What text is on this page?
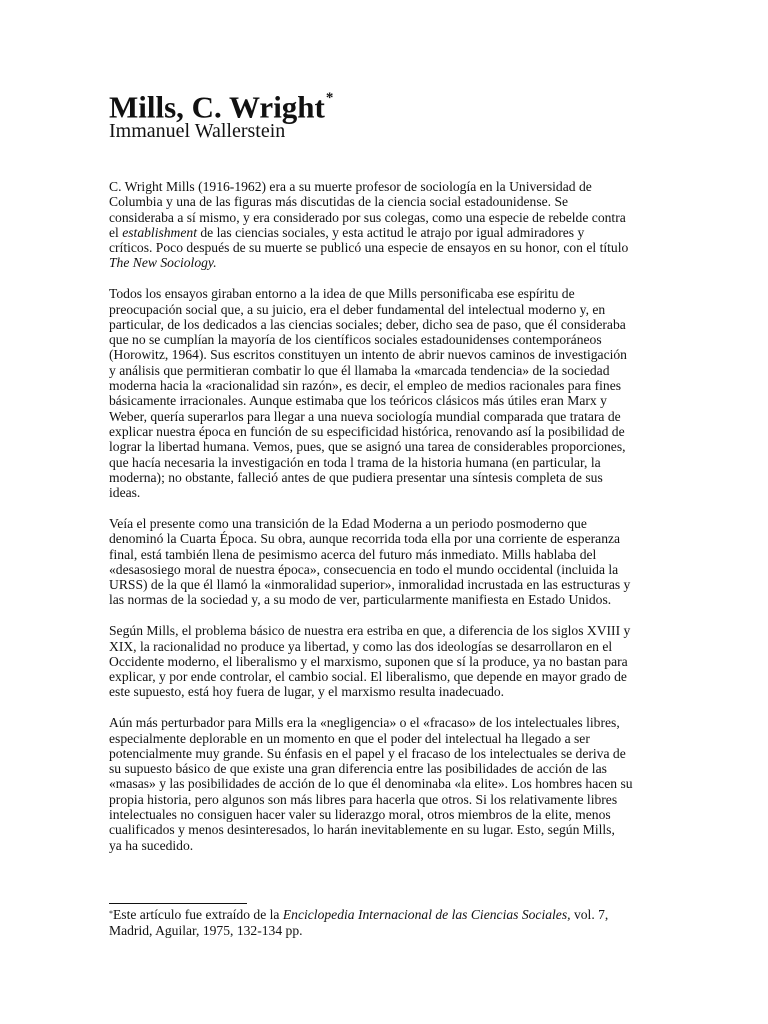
Mills, C. Wright*
Immanuel Wallerstein

C. Wright Mills (1916-1962) era a su muerte profesor de sociología en la Universidad de
Columbia y una de las figuras más discutidas de la ciencia social estadounidense. Se
consideraba a sí mismo, y era considerado por sus colegas, como una especie de rebelde contra
el establishment de las ciencias sociales, y esta actitud le atrajo por igual admiradores y
críticos. Poco después de su muerte se publicó una especie de ensayos en su honor, con el título
The New Sociology.

Todos los ensayos giraban entorno a la idea de que Mills personificaba ese espíritu de
preocupación social que, a su juicio, era el deber fundamental del intelectual moderno y, en
particular, de los dedicados a las ciencias sociales; deber, dicho sea de paso, que él consideraba
que no se cumplían la mayoría de los científicos sociales estadounidenses contemporáneos
(Horowitz, 1964). Sus escritos constituyen un intento de abrir nuevos caminos de investigación
y análisis que permitieran combatir lo que él llamaba la «marcada tendencia» de la sociedad
moderna hacia la «racionalidad sin razón», es decir, el empleo de medios racionales para fines
básicamente irracionales. Aunque estimaba que los teóricos clásicos más útiles eran Marx y
Weber, quería superarlos para llegar a una nueva sociología mundial comparada que tratara de
explicar nuestra época en función de su especificidad histórica, renovando así la posibilidad de
lograr la libertad humana. Vemos, pues, que se asignó una tarea de considerables proporciones,
que hacía necesaria la investigación en toda l trama de la historia humana (en particular, la
moderna); no obstante, falleció antes de que pudiera presentar una síntesis completa de sus
ideas.

Veía el presente como una transición de la Edad Moderna a un periodo posmoderno que
denominó la Cuarta Época. Su obra, aunque recorrida toda ella por una corriente de esperanza
final, está también llena de pesimismo acerca del futuro más inmediato. Mills hablaba del
«desasosiego moral de nuestra época», consecuencia en todo el mundo occidental (incluida la
URSS) de la que él llamó la «inmoralidad superior», inmoralidad incrustada en las estructuras y
las normas de la sociedad y, a su modo de ver, particularmente manifiesta en Estado Unidos.

Según Mills, el problema básico de nuestra era estriba en que, a diferencia de los siglos XVIII y
XIX, la racionalidad no produce ya libertad, y como las dos ideologías se desarrollaron en el
Occidente moderno, el liberalismo y el marxismo, suponen que sí la produce, ya no bastan para
explicar, y por ende controlar, el cambio social. El liberalismo, que depende en mayor grado de
este supuesto, está hoy fuera de lugar, y el marxismo resulta inadecuado.

Aún más perturbador para Mills era la «negligencia» o el «fracaso» de los intelectuales libres,
especialmente deplorable en un momento en que el poder del intelectual ha llegado a ser
potencialmente muy grande. Su énfasis en el papel y el fracaso de los intelectuales se deriva de
su supuesto básico de que existe una gran diferencia entre las posibilidades de acción de las
«masas» y las posibilidades de acción de lo que él denominaba «la elite». Los hombres hacen su
propia historia, pero algunos son más libres para hacerla que otros. Si los relativamente libres
intelectuales no consiguen hacer valer su liderazgo moral, otros miembros de la elite, menos
cualificados y menos desinteresados, lo harán inevitablemente en su lugar. Esto, según Mills,
ya ha sucedido.

*Este artículo fue extraído de la Enciclopedia Internacional de las Ciencias Sociales, vol. 7,
Madrid, Aguilar, 1975, 132-134 pp.
